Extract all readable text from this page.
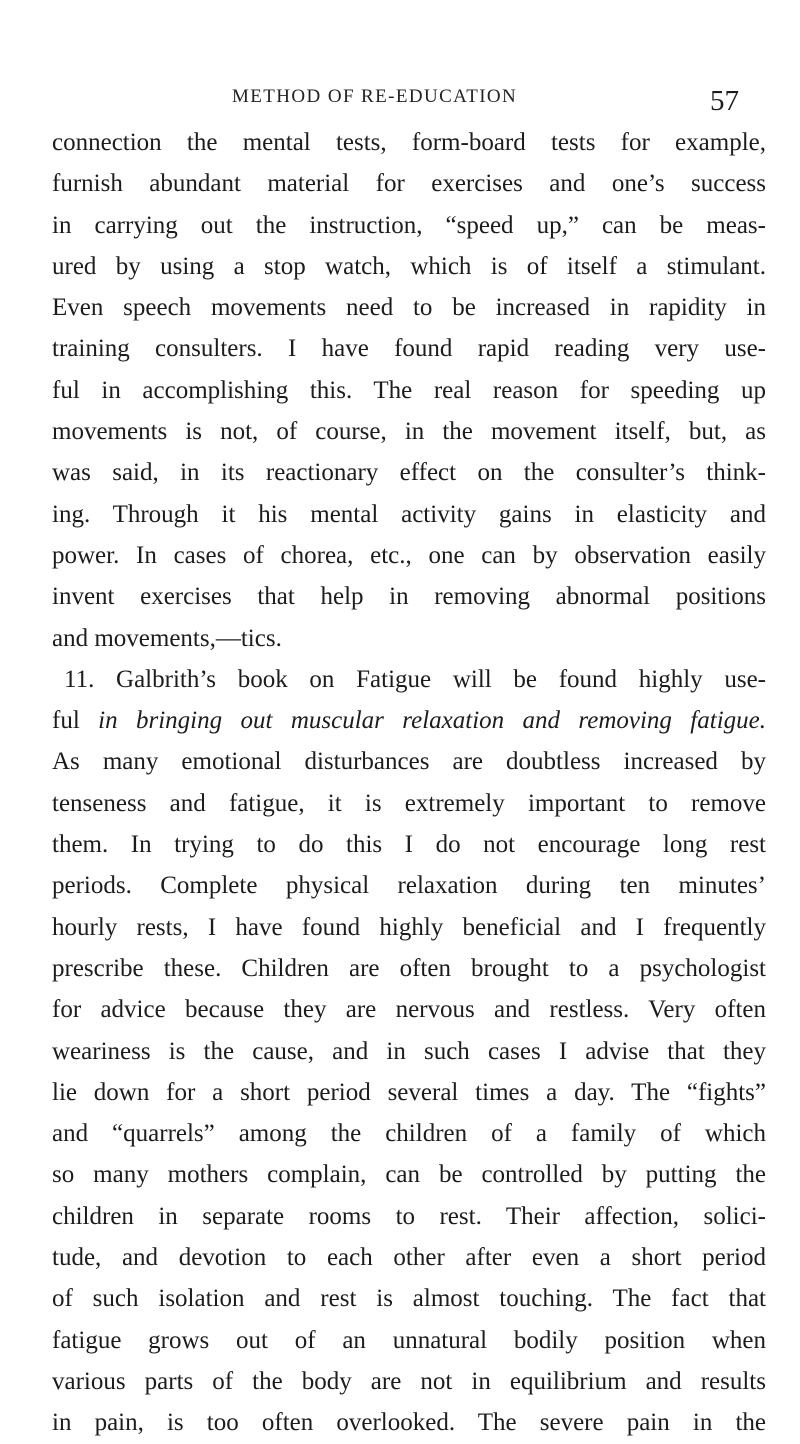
METHOD OF RE-EDUCATION	57
connection the mental tests, form-board tests for example,
furnish abundant material for exercises and one’s success
in carrying out the instruction, “speed up,” can be meas-
ured by using a stop watch, which is of itself a stimulant.
Even speech movements need to be increased in rapidity in
training consulters. I have found rapid reading very use-
ful in accomplishing this. The real reason for speeding up
movements is not, of course, in the movement itself, but, as
was said, in its reactionary effect on the consulter’s think-
ing. Through it his mental activity gains in elasticity and
power. In cases of chorea, etc., one can by observation easily
invent exercises that help in removing abnormal positions
and movements,—tics.
11. Galbrith’s book on Fatigue will be found highly use-
ful in bringing out muscular relaxation and removing fatigue.
As many emotional disturbances are doubtless increased by
tenseness and fatigue, it is extremely important to remove
them. In trying to do this I do not encourage long rest
periods. Complete physical relaxation during ten minutes’
hourly rests, I have found highly beneficial and I frequently
prescribe these. Children are often brought to a psychologist
for advice because they are nervous and restless. Very often
weariness is the cause, and in such cases I advise that they
lie down for a short period several times a day. The “fights”
and “quarrels” among the children of a family of which
so many mothers complain, can be controlled by putting the
children in separate rooms to rest. Their affection, solici-
tude, and devotion to each other after even a short period
of such isolation and rest is almost touching. The fact that
fatigue grows out of an unnatural bodily position when
various parts of the body are not in equilibrium and results
in pain, is too often overlooked. The severe pain in the
